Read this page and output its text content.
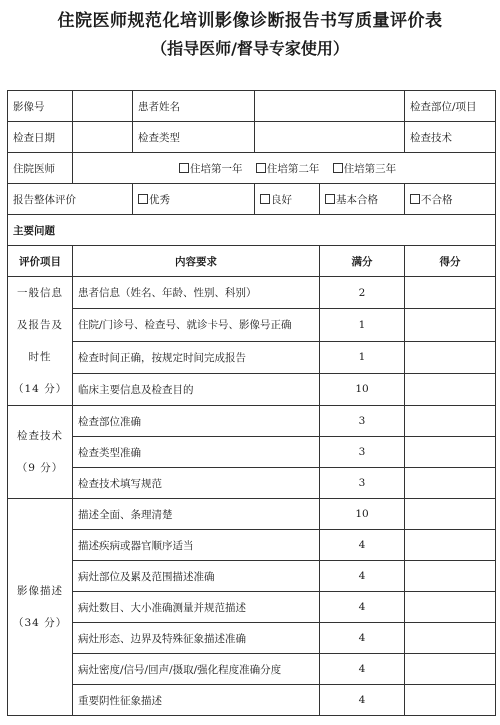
住院医师规范化培训影像诊断报告书写质量评价表
（指导医师/督导专家使用）
影像号		患者姓名			检查部位/项目
检查日期		检查类型			检查技术
住院医师	住培第一年 住培第二年 住培第三年				
报告整体评价		优秀	良好	基本合格	不合格
主要问题					
评价项目	内容要求			满分	得分

一般信息
及报告及
时性
（14 分）	患者信息（姓名、年龄、性别、科别）			2	
	住院/门诊号、检查号、就诊卡号、影像号正确			1	
	检查时间正确，按规定时间完成报告			1	
	临床主要信息及检查目的			10	

检查技术
（9 分）	检查部位准确			3	
	检查类型准确			3	
	检查技术填写规范			3	

影像描述
（34 分）	描述全面、条理清楚			10	
	描述疾病或器官顺序适当			4	
	病灶部位及累及范围描述准确			4	
	病灶数目、大小准确测量并规范描述			4	
	病灶形态、边界及特殊征象描述准确			4	
	病灶密度/信号/回声/摄取/强化程度准确分度			4	
	重要阴性征象描述			4	
